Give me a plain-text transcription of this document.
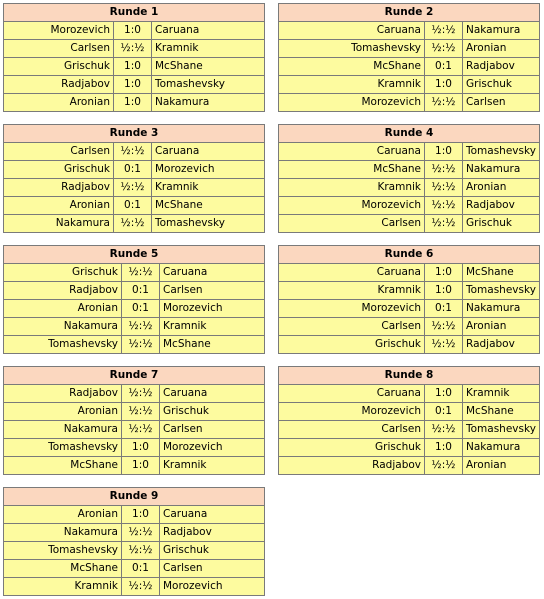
Runde 1
Morozevich	1:0	Caruana
Carlsen	½:½	Kramnik
Grischuk	1:0	McShane
Radjabov	1:0	Tomashevsky
Aronian	1:0	Nakamura
Runde 2
Caruana	½:½	Nakamura
Tomashevsky	½:½	Aronian
McShane	0:1	Radjabov
Kramnik	1:0	Grischuk
Morozevich	½:½	Carlsen
Runde 3
Carlsen	½:½	Caruana
Grischuk	0:1	Morozevich
Radjabov	½:½	Kramnik
Aronian	0:1	McShane
Nakamura	½:½	Tomashevsky
Runde 4
Caruana	1:0	Tomashevsky
McShane	½:½	Nakamura
Kramnik	½:½	Aronian
Morozevich	½:½	Radjabov
Carlsen	½:½	Grischuk
Runde 5
Grischuk	½:½	Caruana
Radjabov	0:1	Carlsen
Aronian	0:1	Morozevich
Nakamura	½:½	Kramnik
Tomashevsky	½:½	McShane
Runde 6
Caruana	1:0	McShane
Kramnik	1:0	Tomashevsky
Morozevich	0:1	Nakamura
Carlsen	½:½	Aronian
Grischuk	½:½	Radjabov
Runde 7
Radjabov	½:½	Caruana
Aronian	½:½	Grischuk
Nakamura	½:½	Carlsen
Tomashevsky	1:0	Morozevich
McShane	1:0	Kramnik
Runde 8
Caruana	1:0	Kramnik
Morozevich	0:1	McShane
Carlsen	½:½	Tomashevsky
Grischuk	1:0	Nakamura
Radjabov	½:½	Aronian
Runde 9
Aronian	1:0	Caruana
Nakamura	½:½	Radjabov
Tomashevsky	½:½	Grischuk
McShane	0:1	Carlsen
Kramnik	½:½	Morozevich
